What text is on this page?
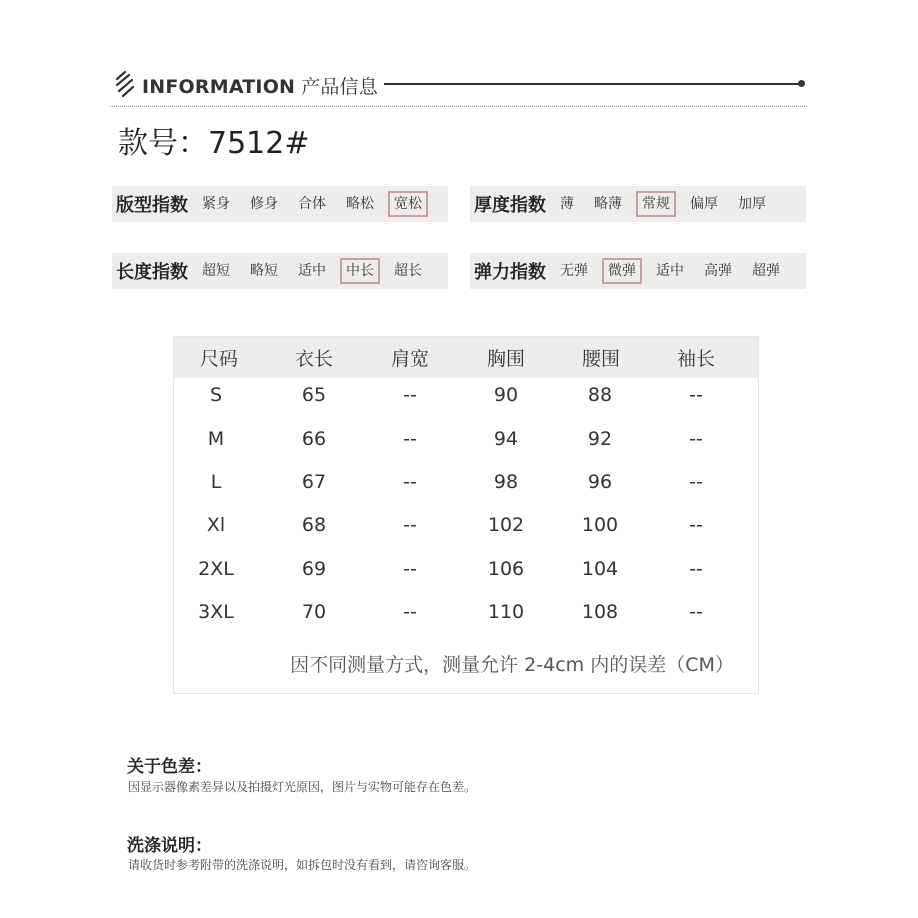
INFORMATION 产品信息
款号：7512#
版型指数	紧身	修身	合体	略松	宽松	厚度指数	薄	略薄	常规	偏厚	加厚
长度指数	超短	略短	适中	中长	超长	弹力指数	无弹	微弹	适中	高弹	超弹
尺码	衣长	肩宽	胸围	腰围	袖长
S	65	--	90	88	--
M	66	--	94	92	--
L	67	--	98	96	--
Xl	68	--	102	100	--
2XL	69	--	106	104	--
3XL	70	--	110	108	--
因不同测量方式，测量允许 2-4cm 内的误差（CM）
关于色差：
因显示器像素差异以及拍摄灯光原因，图片与实物可能存在色差。
洗涤说明：
请收货时参考附带的洗涤说明，如拆包时没有看到，请咨询客服。
